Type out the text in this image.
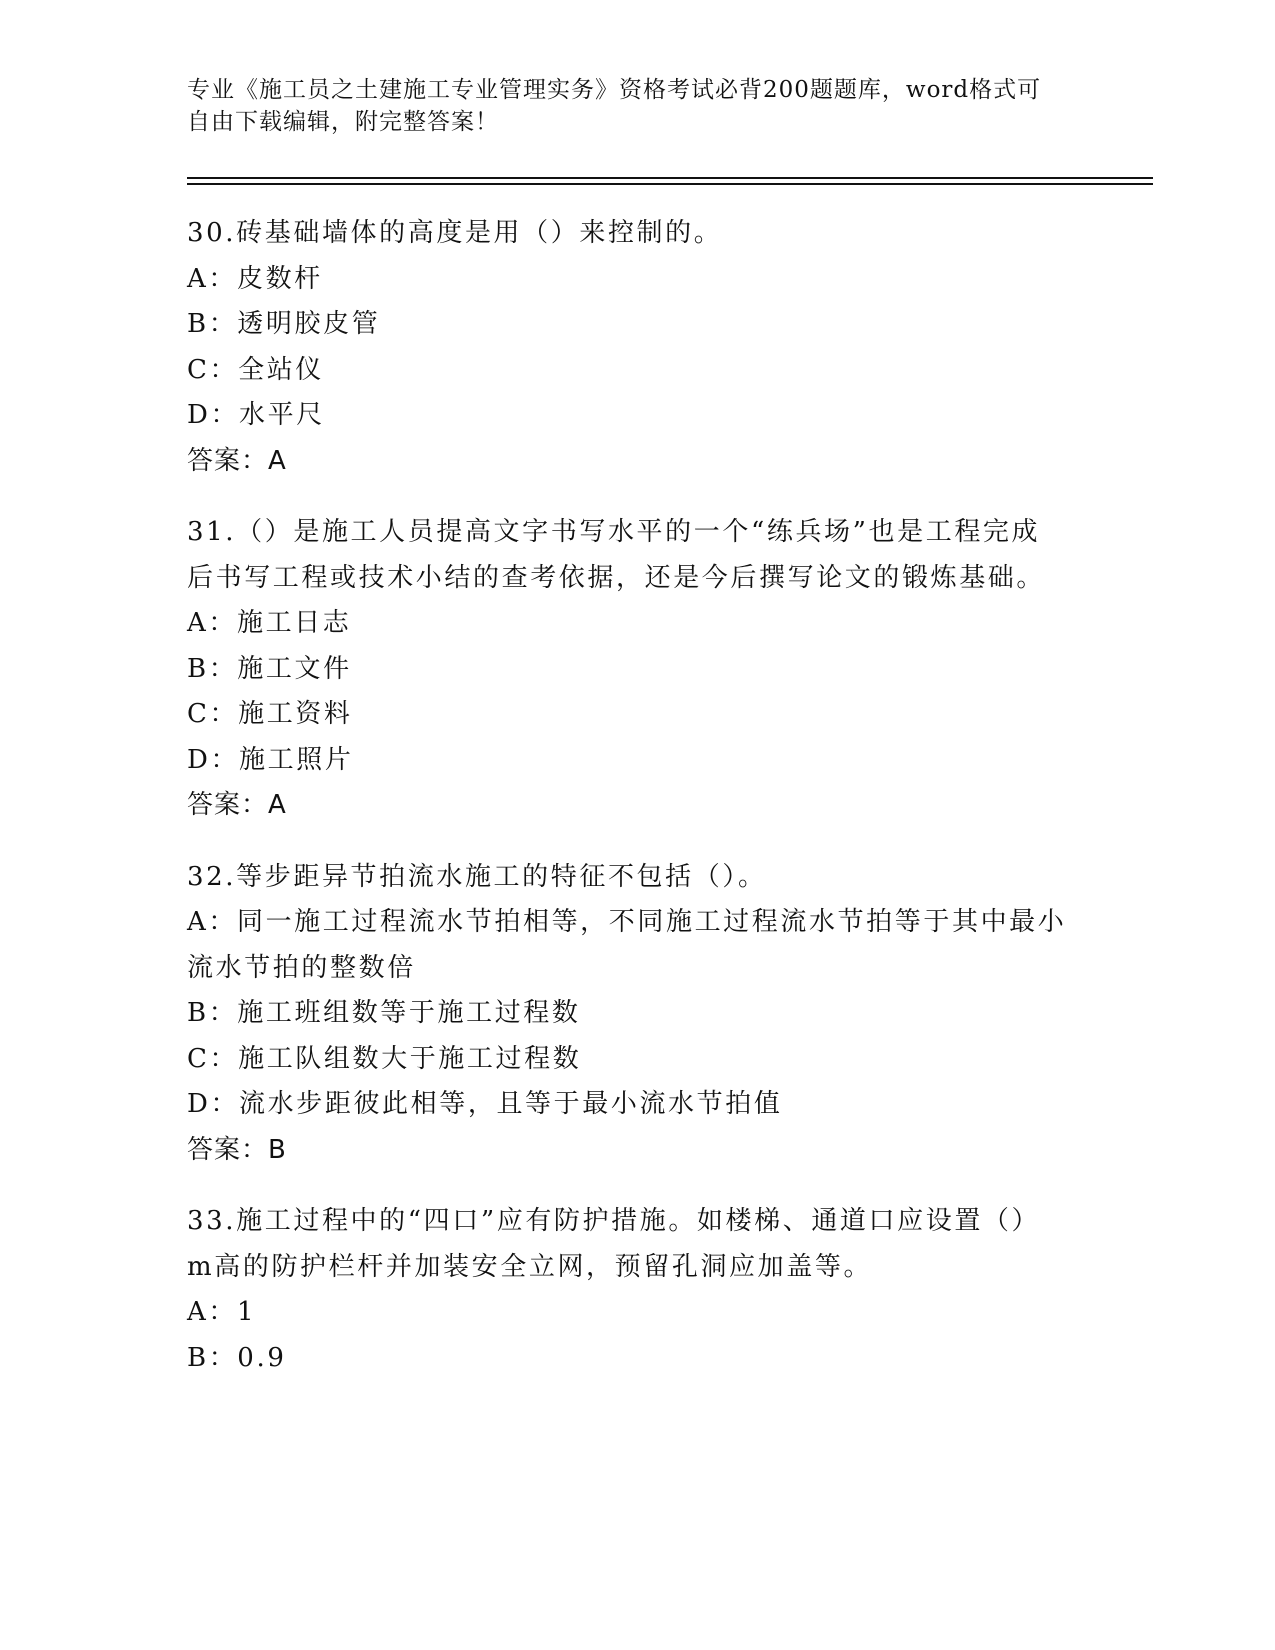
专业《施工员之土建施工专业管理实务》资格考试必背200题题库，word格式可
自由下载编辑，附完整答案！
30.砖基础墙体的高度是用（）来控制的。
A：皮数杆
B：透明胶皮管
C：全站仪
D：水平尺
答案：A
31.（）是施工人员提高文字书写水平的一个“练兵场”也是工程完成
后书写工程或技术小结的查考依据，还是今后撰写论文的锻炼基础。
A：施工日志
B：施工文件
C：施工资料
D：施工照片
答案：A
32.等步距异节拍流水施工的特征不包括（）。
A：同一施工过程流水节拍相等，不同施工过程流水节拍等于其中最小
流水节拍的整数倍
B：施工班组数等于施工过程数
C：施工队组数大于施工过程数
D：流水步距彼此相等，且等于最小流水节拍值
答案：B
33.施工过程中的“四口”应有防护措施。如楼梯、通道口应设置（）
m高的防护栏杆并加装安全立网，预留孔洞应加盖等。
A：1
B：0.9
